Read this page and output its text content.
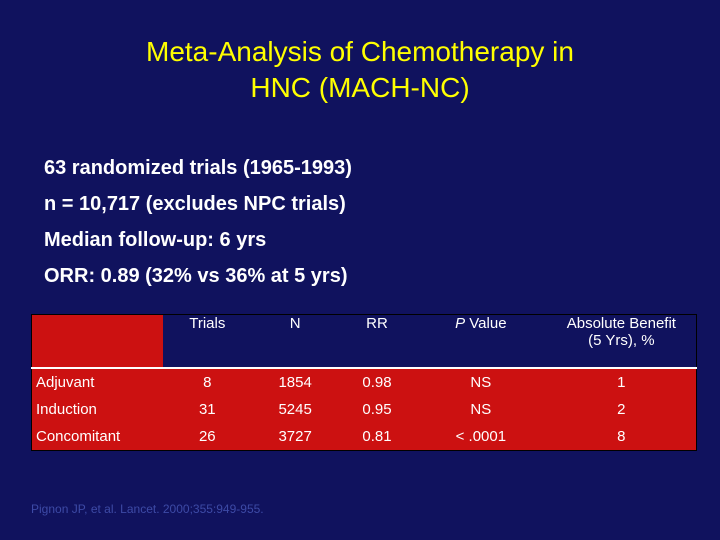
Meta-Analysis of Chemotherapy in
HNC (MACH-NC)
63 randomized trials (1965-1993)
n = 10,717 (excludes NPC trials)
Median follow-up: 6 yrs
ORR: 0.89 (32% vs 36% at 5 yrs)
	Trials	N	RR	P Value	Absolute Benefit
(5 Yrs), %

Adjuvant	8	1854	0.98	NS	1
Induction	31	5245	0.95	NS	2
Concomitant	26	3727	0.81	< .0001	8
Pignon JP, et al. Lancet. 2000;355:949-955.
